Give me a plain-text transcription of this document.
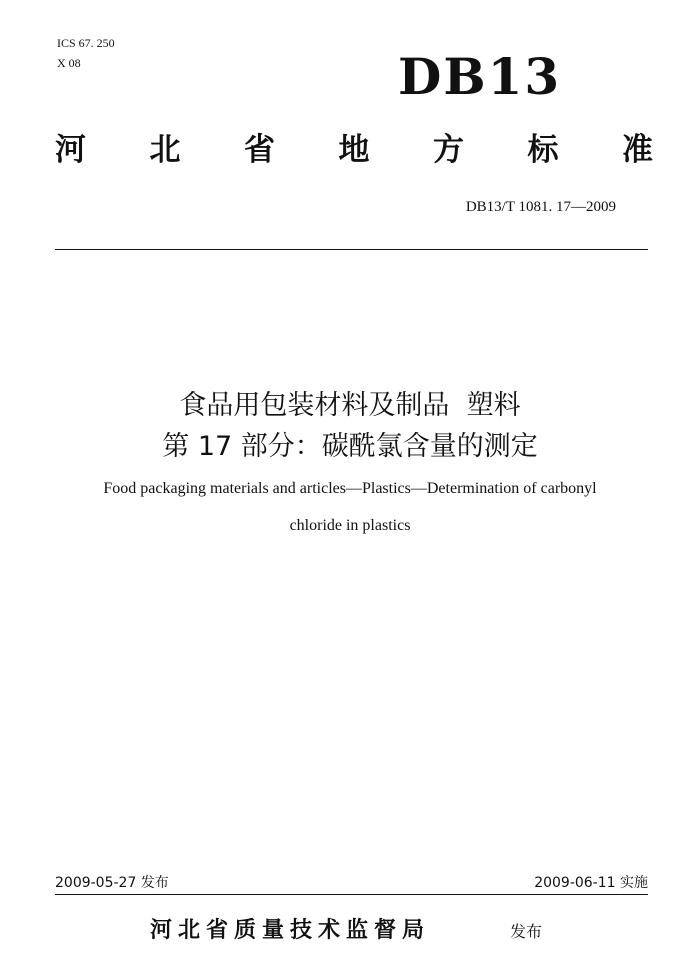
ICS 67. 250
X 08	DB13
河 北 省 地 方 标 准
DB13/T 1081. 17—2009
食品用包装材料及制品  塑料
第 17 部分：碳酰氯含量的测定
Food packaging materials and articles—Plastics—Determination of carbonyl
chloride in plastics
2009-05-27 发布	2009-06-11 实施
河北省质量技术监督局	发布
